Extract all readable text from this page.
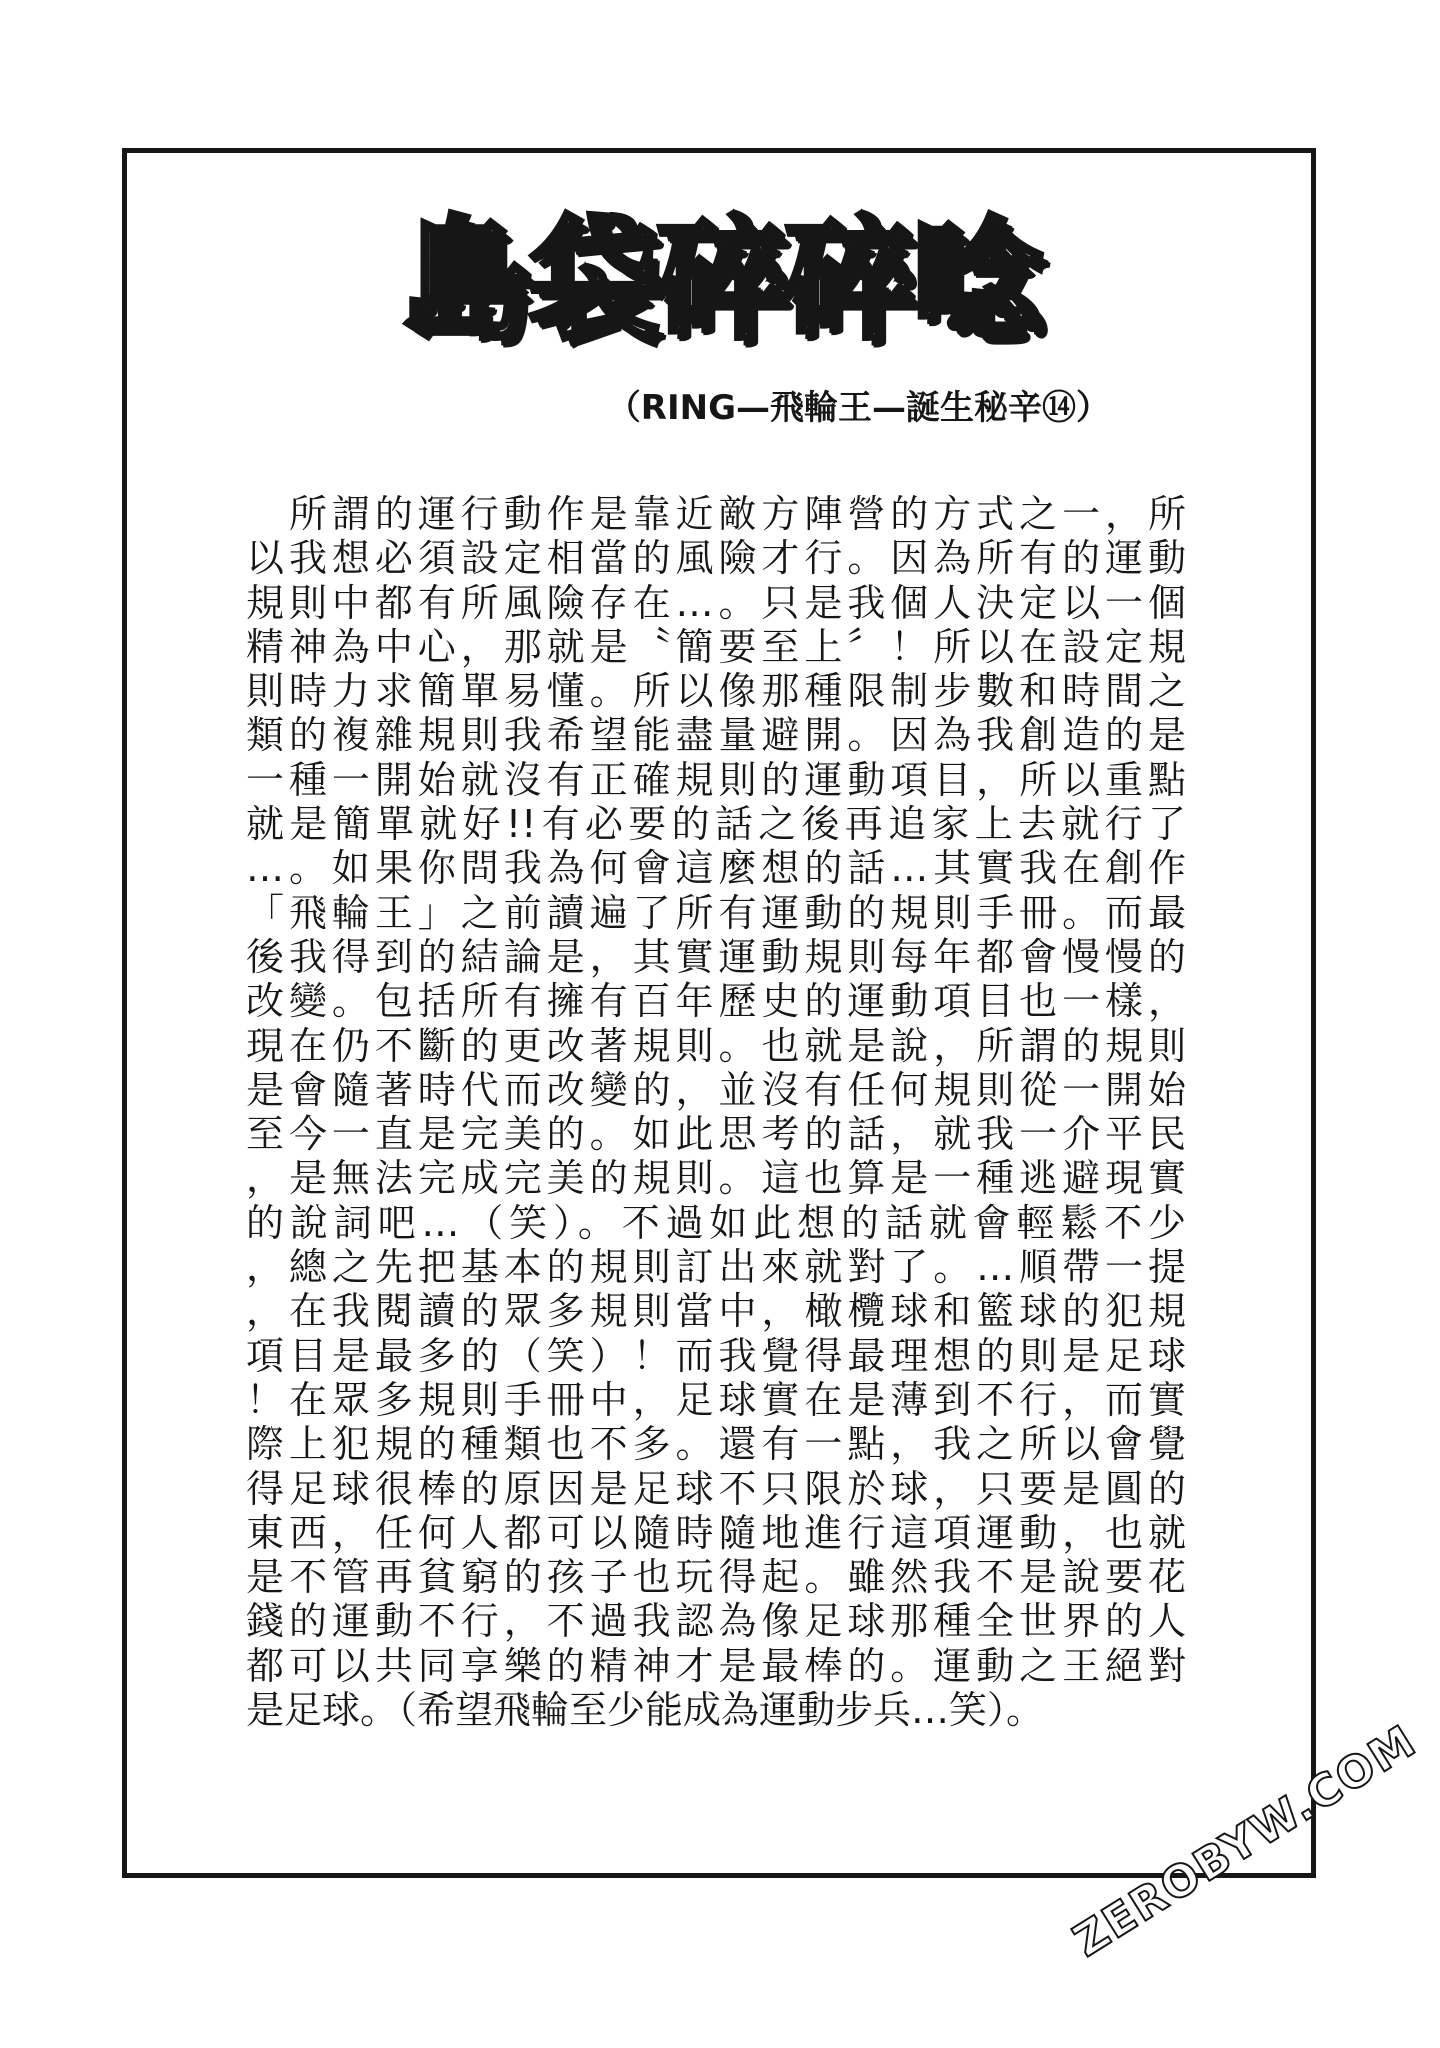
島袋碎碎唸
（RING—飛輪王—誕生秘辛⑭）
　所謂的運行動作是靠近敵方陣營的方式之一，所
以我想必須設定相當的風險才行。因為所有的運動
規則中都有所風險存在…。只是我個人決定以一個
精神為中心，那就是〝簡要至上〞！所以在設定規
則時力求簡單易懂。所以像那種限制步數和時間之
類的複雜規則我希望能盡量避開。因為我創造的是
一種一開始就沒有正確規則的運動項目，所以重點
就是簡單就好!!有必要的話之後再追家上去就行了
…。如果你問我為何會這麼想的話…其實我在創作
「飛輪王」之前讀遍了所有運動的規則手冊。而最
後我得到的結論是，其實運動規則每年都會慢慢的
改變。包括所有擁有百年歷史的運動項目也一樣，
現在仍不斷的更改著規則。也就是說，所謂的規則
是會隨著時代而改變的，並沒有任何規則從一開始
至今一直是完美的。如此思考的話，就我一介平民
，是無法完成完美的規則。這也算是一種逃避現實
的說詞吧…（笑）。不過如此想的話就會輕鬆不少
，總之先把基本的規則訂出來就對了。…順帶一提
，在我閱讀的眾多規則當中，橄欖球和籃球的犯規
項目是最多的（笑）！而我覺得最理想的則是足球
！在眾多規則手冊中，足球實在是薄到不行，而實
際上犯規的種類也不多。還有一點，我之所以會覺
得足球很棒的原因是足球不只限於球，只要是圓的
東西，任何人都可以隨時隨地進行這項運動，也就
是不管再貧窮的孩子也玩得起。雖然我不是說要花
錢的運動不行，不過我認為像足球那種全世界的人
都可以共同享樂的精神才是最棒的。運動之王絕對
是足球。（希望飛輪至少能成為運動步兵…笑）。
ZEROBYW.COM
